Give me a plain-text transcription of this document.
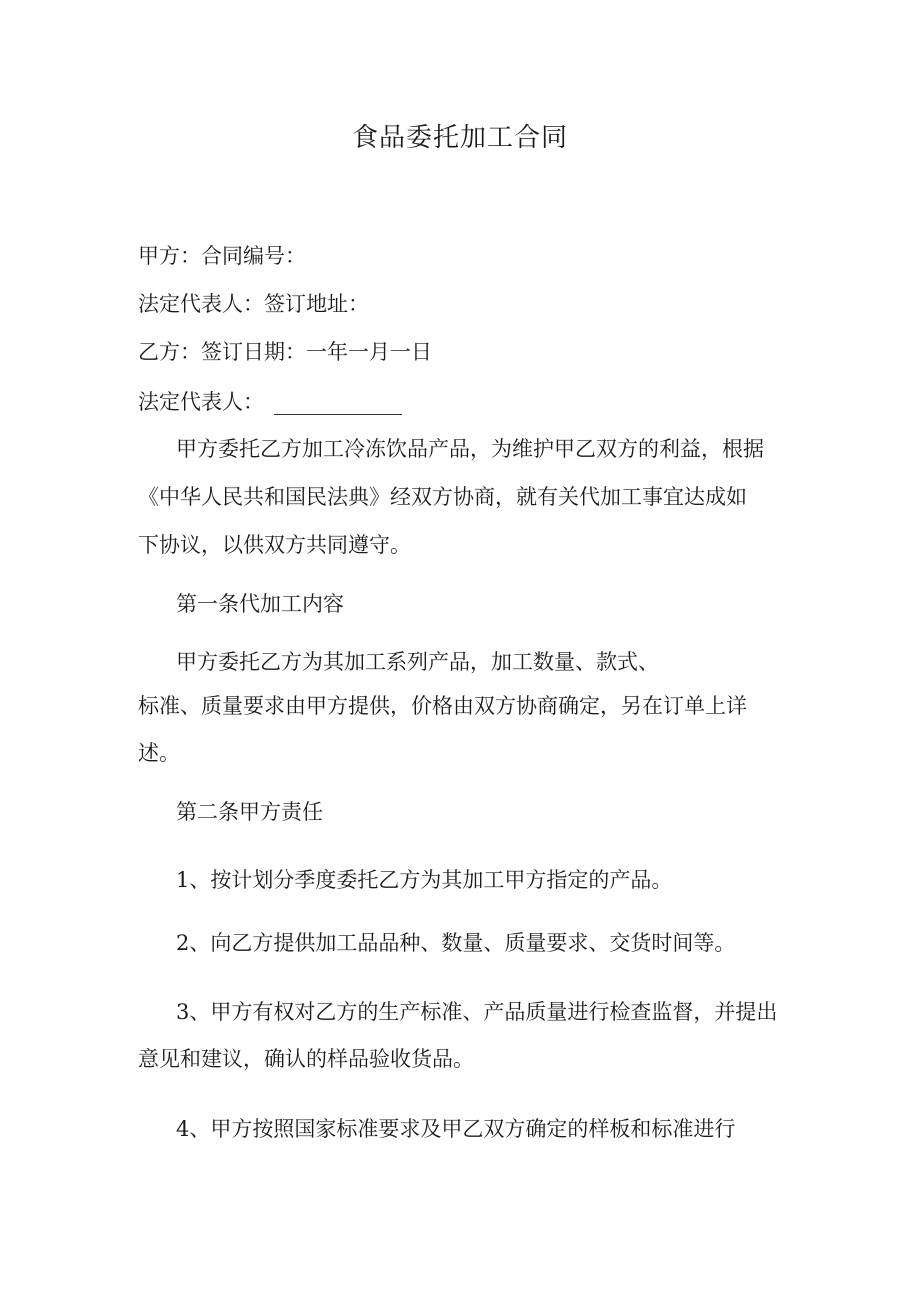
食品委托加工合同
甲方：合同编号：
法定代表人：签订地址：
乙方：签订日期：一年一月一日
法定代表人：
甲方委托乙方加工冷冻饮品产品，为维护甲乙双方的利益，根据
《中华人民共和国民法典》经双方协商，就有关代加工事宜达成如
下协议，以供双方共同遵守。
第一条代加工内容
甲方委托乙方为其加工系列产品，加工数量、款式、
标准、质量要求由甲方提供，价格由双方协商确定，另在订单上详
述。
第二条甲方责任
1、按计划分季度委托乙方为其加工甲方指定的产品。
2、向乙方提供加工品品种、数量、质量要求、交货时间等。
3、甲方有权对乙方的生产标准、产品质量进行检查监督，并提出
意见和建议，确认的样品验收货品。
4、甲方按照国家标准要求及甲乙双方确定的样板和标准进行
